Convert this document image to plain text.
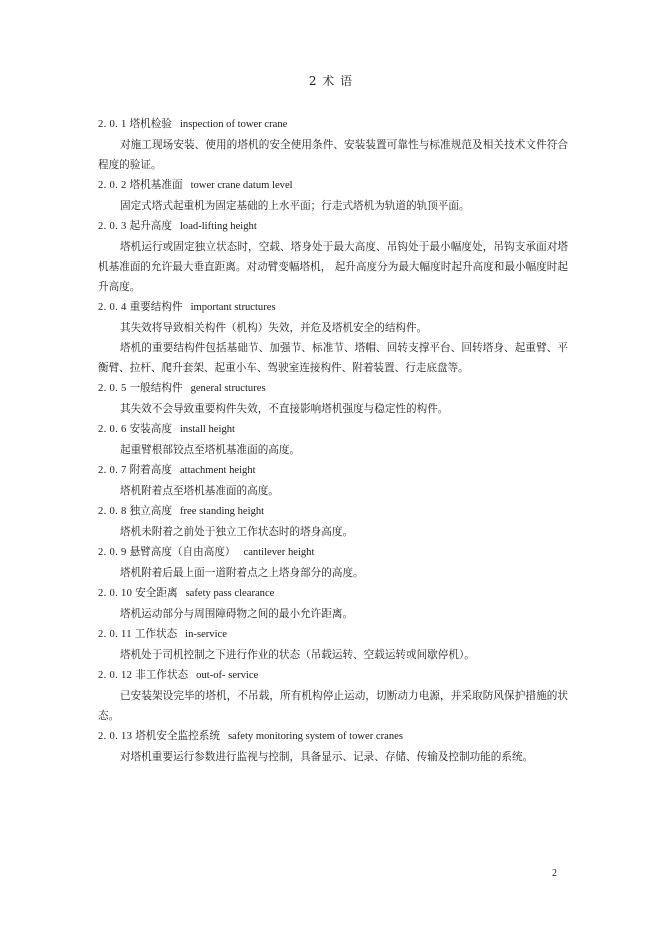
2 术 语

2. 0. 1 塔机检验 inspection of tower crane

对施工现场安装、使用的塔机的安全使用条件、安装装置可靠性与标准规范及相关技术文件符合程度的验证。

2. 0. 2 塔机基准面 tower crane datum level

固定式塔式起重机为固定基础的上水平面；行走式塔机为轨道的轨顶平面。

2. 0. 3 起升高度 load-lifting height

塔机运行或固定独立状态时，空载、塔身处于最大高度、吊钩处于最小幅度处，吊钩支承面对塔机基准面的允许最大垂直距离。对动臂变幅塔机， 起升高度分为最大幅度时起升高度和最小幅度时起升高度。

2. 0. 4 重要结构件 important structures

其失效将导致相关构件（机构）失效，并危及塔机安全的结构件。

塔机的重要结构件包括基础节、加强节、标准节、塔帽、回转支撑平台、回转塔身、起重臂、平衡臂、拉杆、爬升套架、起重小车、驾驶室连接构件、附着装置、行走底盘等。

2. 0. 5 一般结构件 general structures

其失效不会导致重要构件失效，不直接影响塔机强度与稳定性的构件。

2. 0. 6 安装高度 install height

起重臂根部铰点至塔机基准面的高度。

2. 0. 7 附着高度 attachment height

塔机附着点至塔机基准面的高度。

2. 0. 8 独立高度 free standing height

塔机未附着之前处于独立工作状态时的塔身高度。

2. 0. 9 悬臂高度（自由高度） cantilever height

塔机附着后最上面一道附着点之上塔身部分的高度。

2. 0. 10 安全距离 safety pass clearance

塔机运动部分与周围障碍物之间的最小允许距离。

2. 0. 11 工作状态 in-service

塔机处于司机控制之下进行作业的状态（吊载运转、空载运转或间歇停机）。

2. 0. 12 非工作状态 out-of- service

已安装架设完毕的塔机，不吊载，所有机构停止运动，切断动力电源，并采取防风保护措施的状态。

2. 0. 13 塔机安全监控系统 safety monitoring system of tower cranes

对塔机重要运行参数进行监视与控制，具备显示、记录、存储、传输及控制功能的系统。

2
